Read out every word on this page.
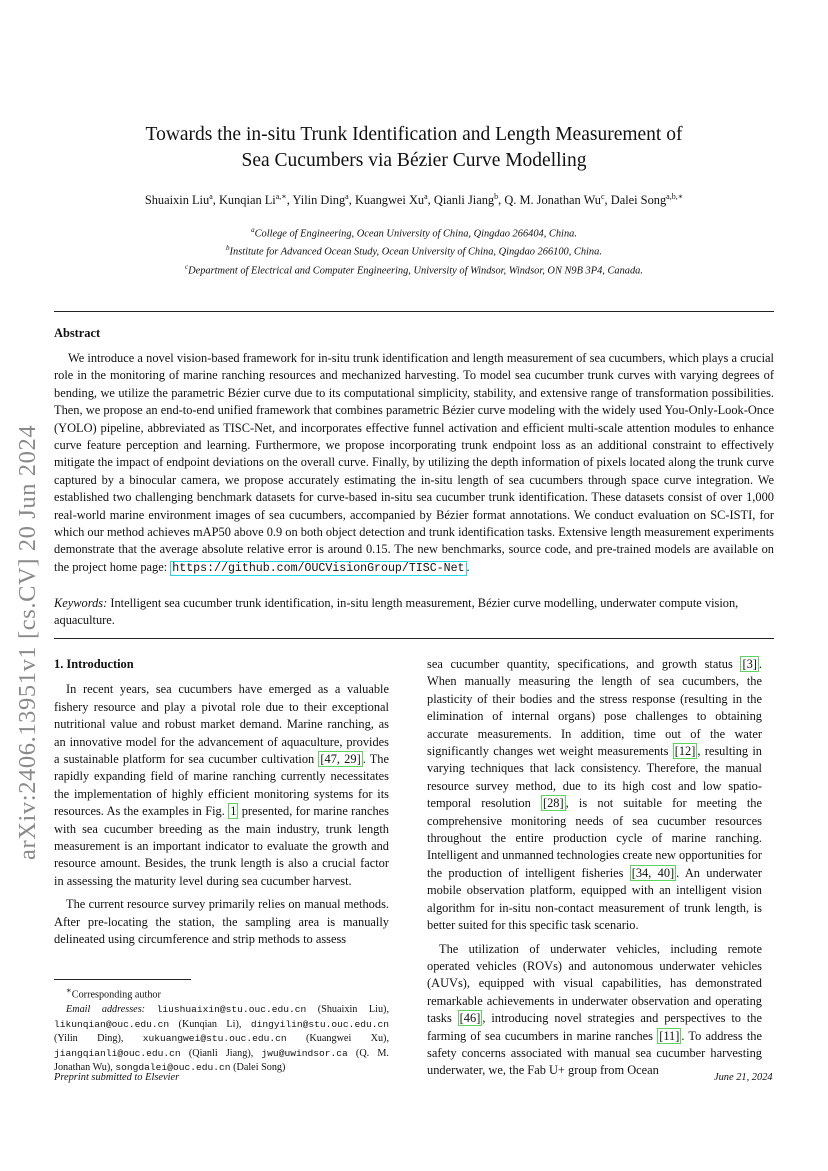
arXiv:2406.13951v1 [cs.CV] 20 Jun 2024
Towards the in-situ Trunk Identification and Length Measurement of
Sea Cucumbers via Bézier Curve Modelling
Shuaixin Liu$^a$, Kunqian $Li^{a,∗}$, Yilin Ding$^a$, Kuangwei Xu$^a$, Qianli Jiang$^b$, Q. M. Jonathan Wu$^c$, Dalei Song$^{a,b,∗}$
$^a$College of Engineering, Ocean University of China, Qingdao 266404, China.
$^b$Institute for Advanced Ocean Study, Ocean University of China, Qingdao 266100, China.
$^c$Department of Electrical and Computer Engineering, University of Windsor, Windsor, ON N9B 3P4, Canada.
Abstract
We introduce a novel vision-based framework for in-situ trunk identification and length measurement of sea cucumbers, which plays a crucial role in the monitoring of marine ranching resources and mechanized harvesting. To model sea cucumber trunk curves with varying degrees of bending, we utilize the parametric Bézier curve due to its computational simplicity, stability, and extensive range of transformation possibilities. Then, we propose an end-to-end unified framework that combines parametric Bézier curve modeling with the widely used You-Only-Look-Once (YOLO) pipeline, abbreviated as TISC-Net, and incorporates effective funnel activation and efficient multi-scale attention modules to enhance curve feature perception and learning. Furthermore, we propose incorporating trunk endpoint loss as an additional constraint to effectively mitigate the impact of endpoint deviations on the overall curve. Finally, by utilizing the depth information of pixels located along the trunk curve captured by a binocular camera, we propose accurately estimating the in-situ length of sea cucumbers through space curve integration. We established two challenging benchmark datasets for curve-based in-situ sea cucumber trunk identification. These datasets consist of over 1,000 real-world marine environment images of sea cucumbers, accompanied by Bézier format annotations. We conduct evaluation on SC-ISTI, for which our method achieves mAP50 above 0.9 on both object detection and trunk identification tasks. Extensive length measurement experiments demonstrate that the average absolute relative error is around 0.15. The new benchmarks, source code, and pre-trained models are available on the project home page: https://github.com/OUCVisionGroup/TISC-Net .
Keywords: Intelligent sea cucumber trunk identification, in-situ length measurement, Bézier curve modelling, underwater compute vision, aquaculture.
1. Introduction
In recent years, sea cucumbers have emerged as a valuable fishery resource and play a pivotal role due to their exceptional nutritional value and robust market demand. Marine ranching, as an innovative model for the advancement of aquaculture, provides a sustainable platform for sea cucumber cultivation [47, 29] . The rapidly expanding field of marine ranching currently necessitates the implementation of highly efficient monitoring systems for its resources. As the examples in Fig. 1 presented, for marine ranches with sea cucumber breeding as the main industry, trunk length measurement is an important indicator to evaluate the growth and resource amount. Besides, the trunk length is also a crucial factor in assessing the maturity level during sea cucumber harvest.
The current resource survey primarily relies on manual methods. After pre-locating the station, the sampling area is manually delineated using circumference and strip methods to assess
sea cucumber quantity, specifications, and growth status [3] . When manually measuring the length of sea cucumbers, the plasticity of their bodies and the stress response (resulting in the elimination of internal organs) pose challenges to obtaining accurate measurements. In addition, time out of the water significantly changes wet weight measurements [12] , resulting in varying techniques that lack consistency. Therefore, the manual resource survey method, due to its high cost and low spatio-temporal resolution [28] , is not suitable for meeting the comprehensive monitoring needs of sea cucumber resources throughout the entire production cycle of marine ranching. Intelligent and unmanned technologies create new opportunities for the production of intelligent fisheries [34, 40] . An underwater mobile observation platform, equipped with an intelligent vision algorithm for in-situ non-contact measurement of trunk length, is better suited for this specific task scenario.
The utilization of underwater vehicles, including remote operated vehicles (ROVs) and autonomous underwater vehicles (AUVs), equipped with visual capabilities, has demonstrated remarkable achievements in underwater observation and operating tasks [46] , introducing novel strategies and perspectives to the farming of sea cucumbers in marine ranches [11] . To address the safety concerns associated with manual sea cucumber harvesting underwater, we, the Fab U+ group from Ocean
∗Corresponding author
Email addresses: liushuaixin@stu.ouc.edu.cn (Shuaixin Liu), likunqian@ouc.edu.cn (Kunqian Li), dingyilin@stu.ouc.edu.cn (Yilin Ding), xukuangwei@stu.ouc.edu.cn (Kuangwei Xu), jiangqianli@ouc.edu.cn (Qianli Jiang), jwu@uwindsor.ca (Q. M. Jonathan Wu), songdalei@ouc.edu.cn (Dalei Song)
Preprint submitted to Elsevier	June 21, 2024
